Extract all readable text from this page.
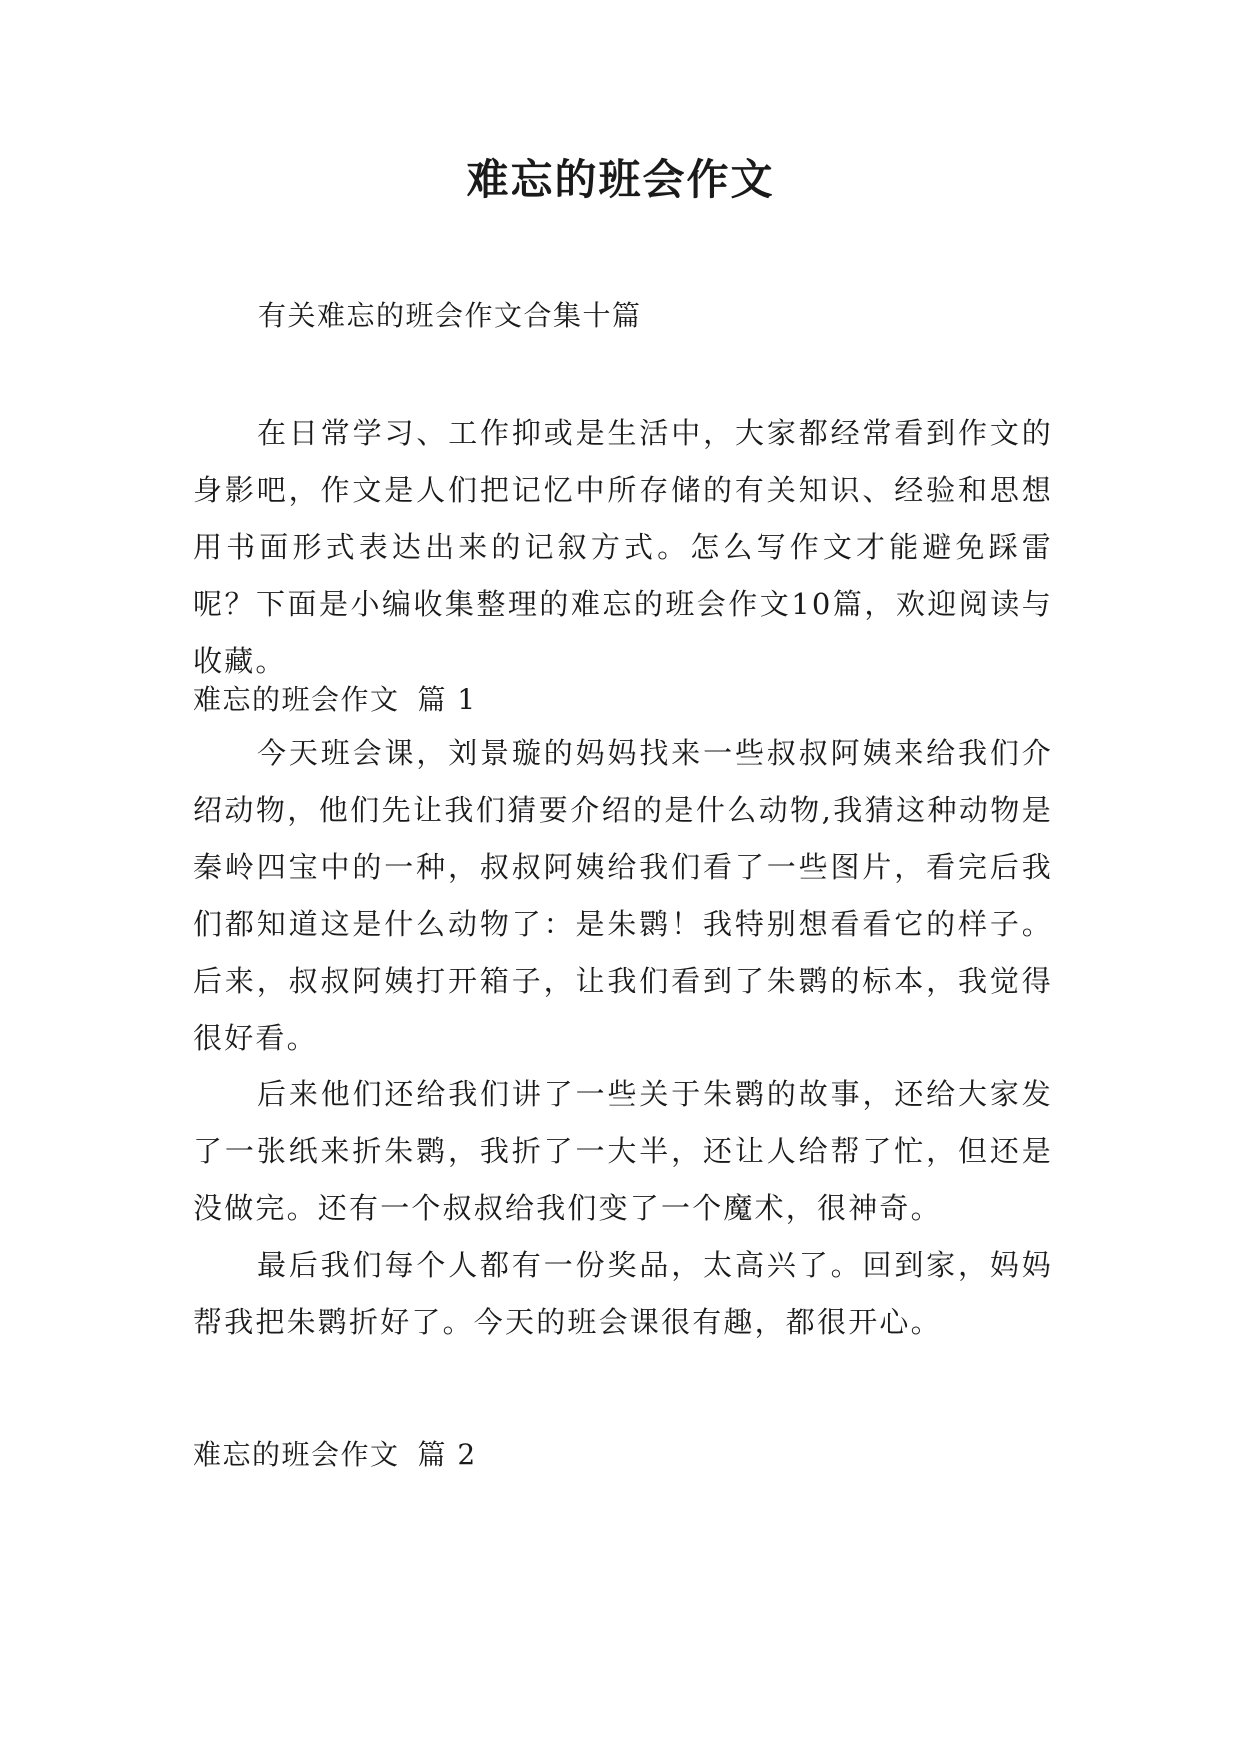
难忘的班会作文
有关难忘的班会作文合集十篇

在日常学习、工作抑或是生活中，大家都经常看到作文的身影吧，作文是人们把记忆中所存储的有关知识、经验和思想用书面形式表达出来的记叙方式。怎么写作文才能避免踩雷呢？下面是小编收集整理的难忘的班会作文10篇，欢迎阅读与收藏。

难忘的班会作文 篇 1

今天班会课，刘景璇的妈妈找来一些叔叔阿姨来给我们介绍动物，他们先让我们猜要介绍的是什么动物,我猜这种动物是秦岭四宝中的一种，叔叔阿姨给我们看了一些图片，看完后我们都知道这是什么动物了：是朱鹮！我特别想看看它的样子。后来，叔叔阿姨打开箱子，让我们看到了朱鹮的标本，我觉得很好看。

后来他们还给我们讲了一些关于朱鹮的故事，还给大家发了一张纸来折朱鹮，我折了一大半，还让人给帮了忙，但还是没做完。还有一个叔叔给我们变了一个魔术，很神奇。

最后我们每个人都有一份奖品，太高兴了。回到家，妈妈帮我把朱鹮折好了。今天的班会课很有趣，都很开心。

难忘的班会作文 篇 2
